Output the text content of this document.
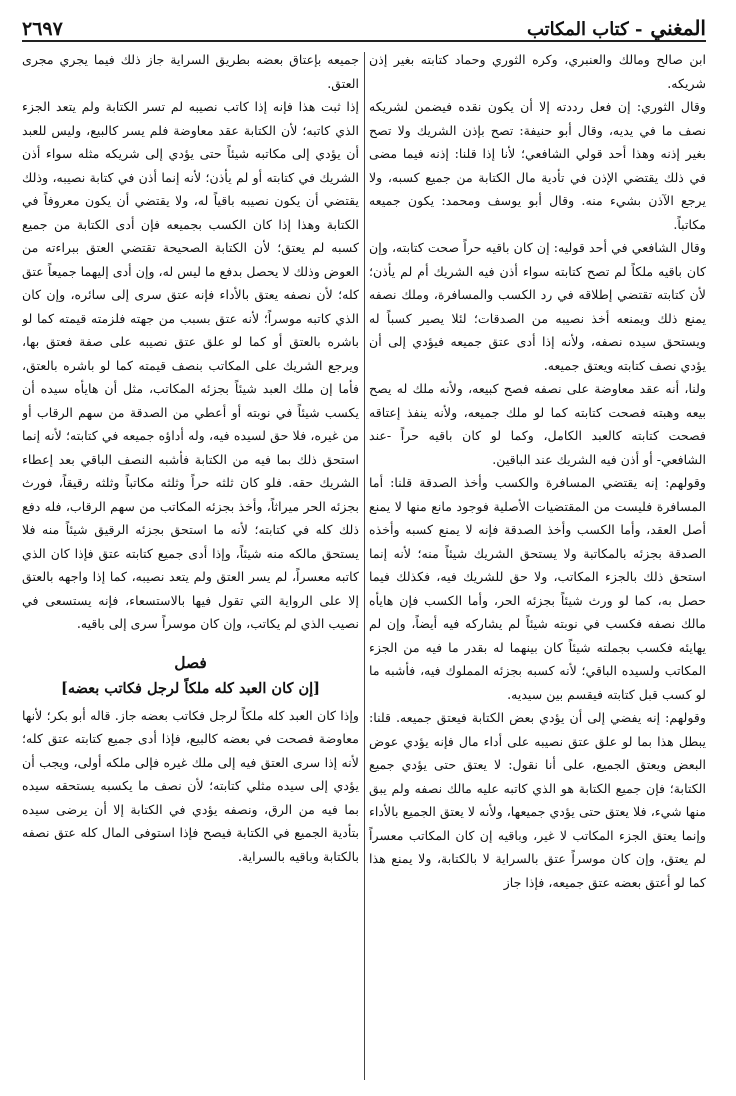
المغني
- كتاب المكاتب
٢٦٩٧

ابن صالح ومالك والعنبري، وكره الثوري وحماد كتابته بغير إذن شريكه.

وقال الثوري: إن فعل رددته إلا أن يكون نقده فيضمن لشريكه نصف ما في يديه، وقال أبو حنيفة: تصح بإذن الشريك ولا تصح بغير إذنه وهذا أحد قولي الشافعي؛ لأنا إذا قلنا: إذنه فيما مضى في ذلك يقتضي الإذن في تأدية مال الكتابة من جميع كسبه، ولا يرجع الآذن بشيء منه. وقال أبو يوسف ومحمد: يكون جميعه مكاتباً.

وقال الشافعي في أحد قوليه: إن كان باقيه حراً صحت كتابته، وإن كان باقيه ملكاً لم تصح كتابته سواء أذن فيه الشريك أم لم يأذن؛ لأن كتابته تقتضي إطلاقه في رد الكسب والمسافرة، وملك نصفه يمنع ذلك ويمنعه أخذ نصيبه من الصدقات؛ لئلا يصير كسباً له ويستحق سيده نصفه، ولأنه إذا أدى عتق جميعه فيؤدي إلى أن يؤدي نصف كتابته ويعتق جميعه.

ولنا، أنه عقد معاوضة على نصفه فصح كبيعه، ولأنه ملك له يصح بيعه وهبته فصحت كتابته كما لو ملك جميعه، ولأنه ينفذ إعتاقه فصحت كتابته كالعبد الكامل، وكما لو كان باقيه حراً -عند الشافعي- أو أذن فيه الشريك عند الباقين.

وقولهم: إنه يقتضي المسافرة والكسب وأخذ الصدقة قلنا: أما المسافرة فليست من المقتضيات الأصلية فوجود مانع منها لا يمنع أصل العقد، وأما الكسب وأخذ الصدقة فإنه لا يمنع كسبه وأخذه الصدقة بجزئه بالمكاتبة ولا يستحق الشريك شيئاً منه؛ لأنه إنما استحق ذلك بالجزء المكاتب، ولا حق للشريك فيه، فكذلك فيما حصل به، كما لو ورث شيئاً بجزئه الحر، وأما الكسب فإن هايأه مالك نصفه فكسب في نوبته شيئاً لم يشاركه فيه أيضاً، وإن لم يهايئه فكسب بجملته شيئاً كان بينهما له بقدر ما فيه من الجزء المكاتب ولسيده الباقي؛ لأنه كسبه بجزئه المملوك فيه، فأشبه ما لو كسب قبل كتابته فيقسم بين سيديه.

وقولهم: إنه يفضي إلى أن يؤدي بعض الكتابة فيعتق جميعه. قلنا: يبطل هذا بما لو علق عتق نصيبه على أداء مال فإنه يؤدي عوض البعض ويعتق الجميع، على أنا نقول: لا يعتق حتى يؤدي جميع الكتابة؛ فإن جميع الكتابة هو الذي كاتبه عليه مالك نصفه ولم يبق منها شيء، فلا يعتق حتى يؤدي جميعها، ولأنه لا يعتق الجميع بالأداء وإنما يعتق الجزء المكاتب لا غير، وباقيه إن كان المكاتب معسراً لم يعتق، وإن كان موسراً عتق بالسراية لا بالكتابة، ولا يمنع هذا كما لو أعتق بعضه عتق جميعه، فإذا جاز

جميعه بإعتاق بعضه بطريق السراية جاز ذلك فيما يجري مجرى العتق.

إذا ثبت هذا فإنه إذا كاتب نصيبه لم تسر الكتابة ولم يتعد الجزء الذي كاتبه؛ لأن الكتابة عقد معاوضة فلم يسر كالبيع، وليس للعبد أن يؤدي إلى مكاتبه شيئاً حتى يؤدي إلى شريكه مثله سواء أذن الشريك في كتابته أو لم يأذن؛ لأنه إنما أذن في كتابة نصيبه، وذلك يقتضي أن يكون نصيبه باقياً له، ولا يقتضي أن يكون معروفاً في الكتابة وهذا إذا كان الكسب بجميعه فإن أدى الكتابة من جميع كسبه لم يعتق؛ لأن الكتابة الصحيحة تقتضي العتق ببراءته من العوض وذلك لا يحصل بدفع ما ليس له، وإن أدى إليهما جميعاً عتق كله؛ لأن نصفه يعتق بالأداء فإنه عتق سرى إلى سائره، وإن كان الذي كاتبه موسراً؛ لأنه عتق بسبب من جهته فلزمته قيمته كما لو باشره بالعتق أو كما لو علق عتق نصيبه على صفة فعتق بها، ويرجع الشريك على المكاتب بنصف قيمته كما لو باشره بالعتق، فأما إن ملك العبد شيئاً بجزئه المكاتب، مثل أن هايأه سيده أن يكسب شيئاً في نوبته أو أعطي من الصدقة من سهم الرقاب أو من غيره، فلا حق لسيده فيه، وله أداؤه جميعه في كتابته؛ لأنه إنما استحق ذلك بما فيه من الكتابة فأشبه النصف الباقي بعد إعطاء الشريك حقه. فلو كان ثلثه حراً وثلثه مكاتباً وثلثه رقيقاً، فورث بجزئه الحر ميراثاً، وأخذ بجزئه المكاتب من سهم الرقاب، فله دفع ذلك كله في كتابته؛ لأنه ما استحق بجزئه الرقيق شيئاً منه فلا يستحق مالكه منه شيئاً، وإذا أدى جميع كتابته عتق فإذا كان الذي كاتبه معسراً، لم يسر العتق ولم يتعد نصيبه، كما إذا واجهه بالعتق إلا على الرواية التي تقول فيها بالاستسعاء، فإنه يستسعى في نصيب الذي لم يكاتب، وإن كان موسراً سرى إلى باقيه.

فصل
[إن كان العبد كله ملكاً لرجل فكاتب بعضه]

وإذا كان العبد كله ملكاً لرجل فكاتب بعضه جاز. قاله أبو بكر؛ لأنها معاوضة فصحت في بعضه كالبيع، فإذا أدى جميع كتابته عتق كله؛ لأنه إذا سرى العتق فيه إلى ملك غيره فإلى ملكه أولى، ويجب أن يؤدي إلى سيده مثلي كتابته؛ لأن نصف ما يكسبه يستحقه سيده بما فيه من الرق، ونصفه يؤدي في الكتابة إلا أن يرضى سيده بتأدية الجميع في الكتابة فيصح فإذا استوفى المال كله عتق نصفه بالكتابة وباقيه بالسراية.
